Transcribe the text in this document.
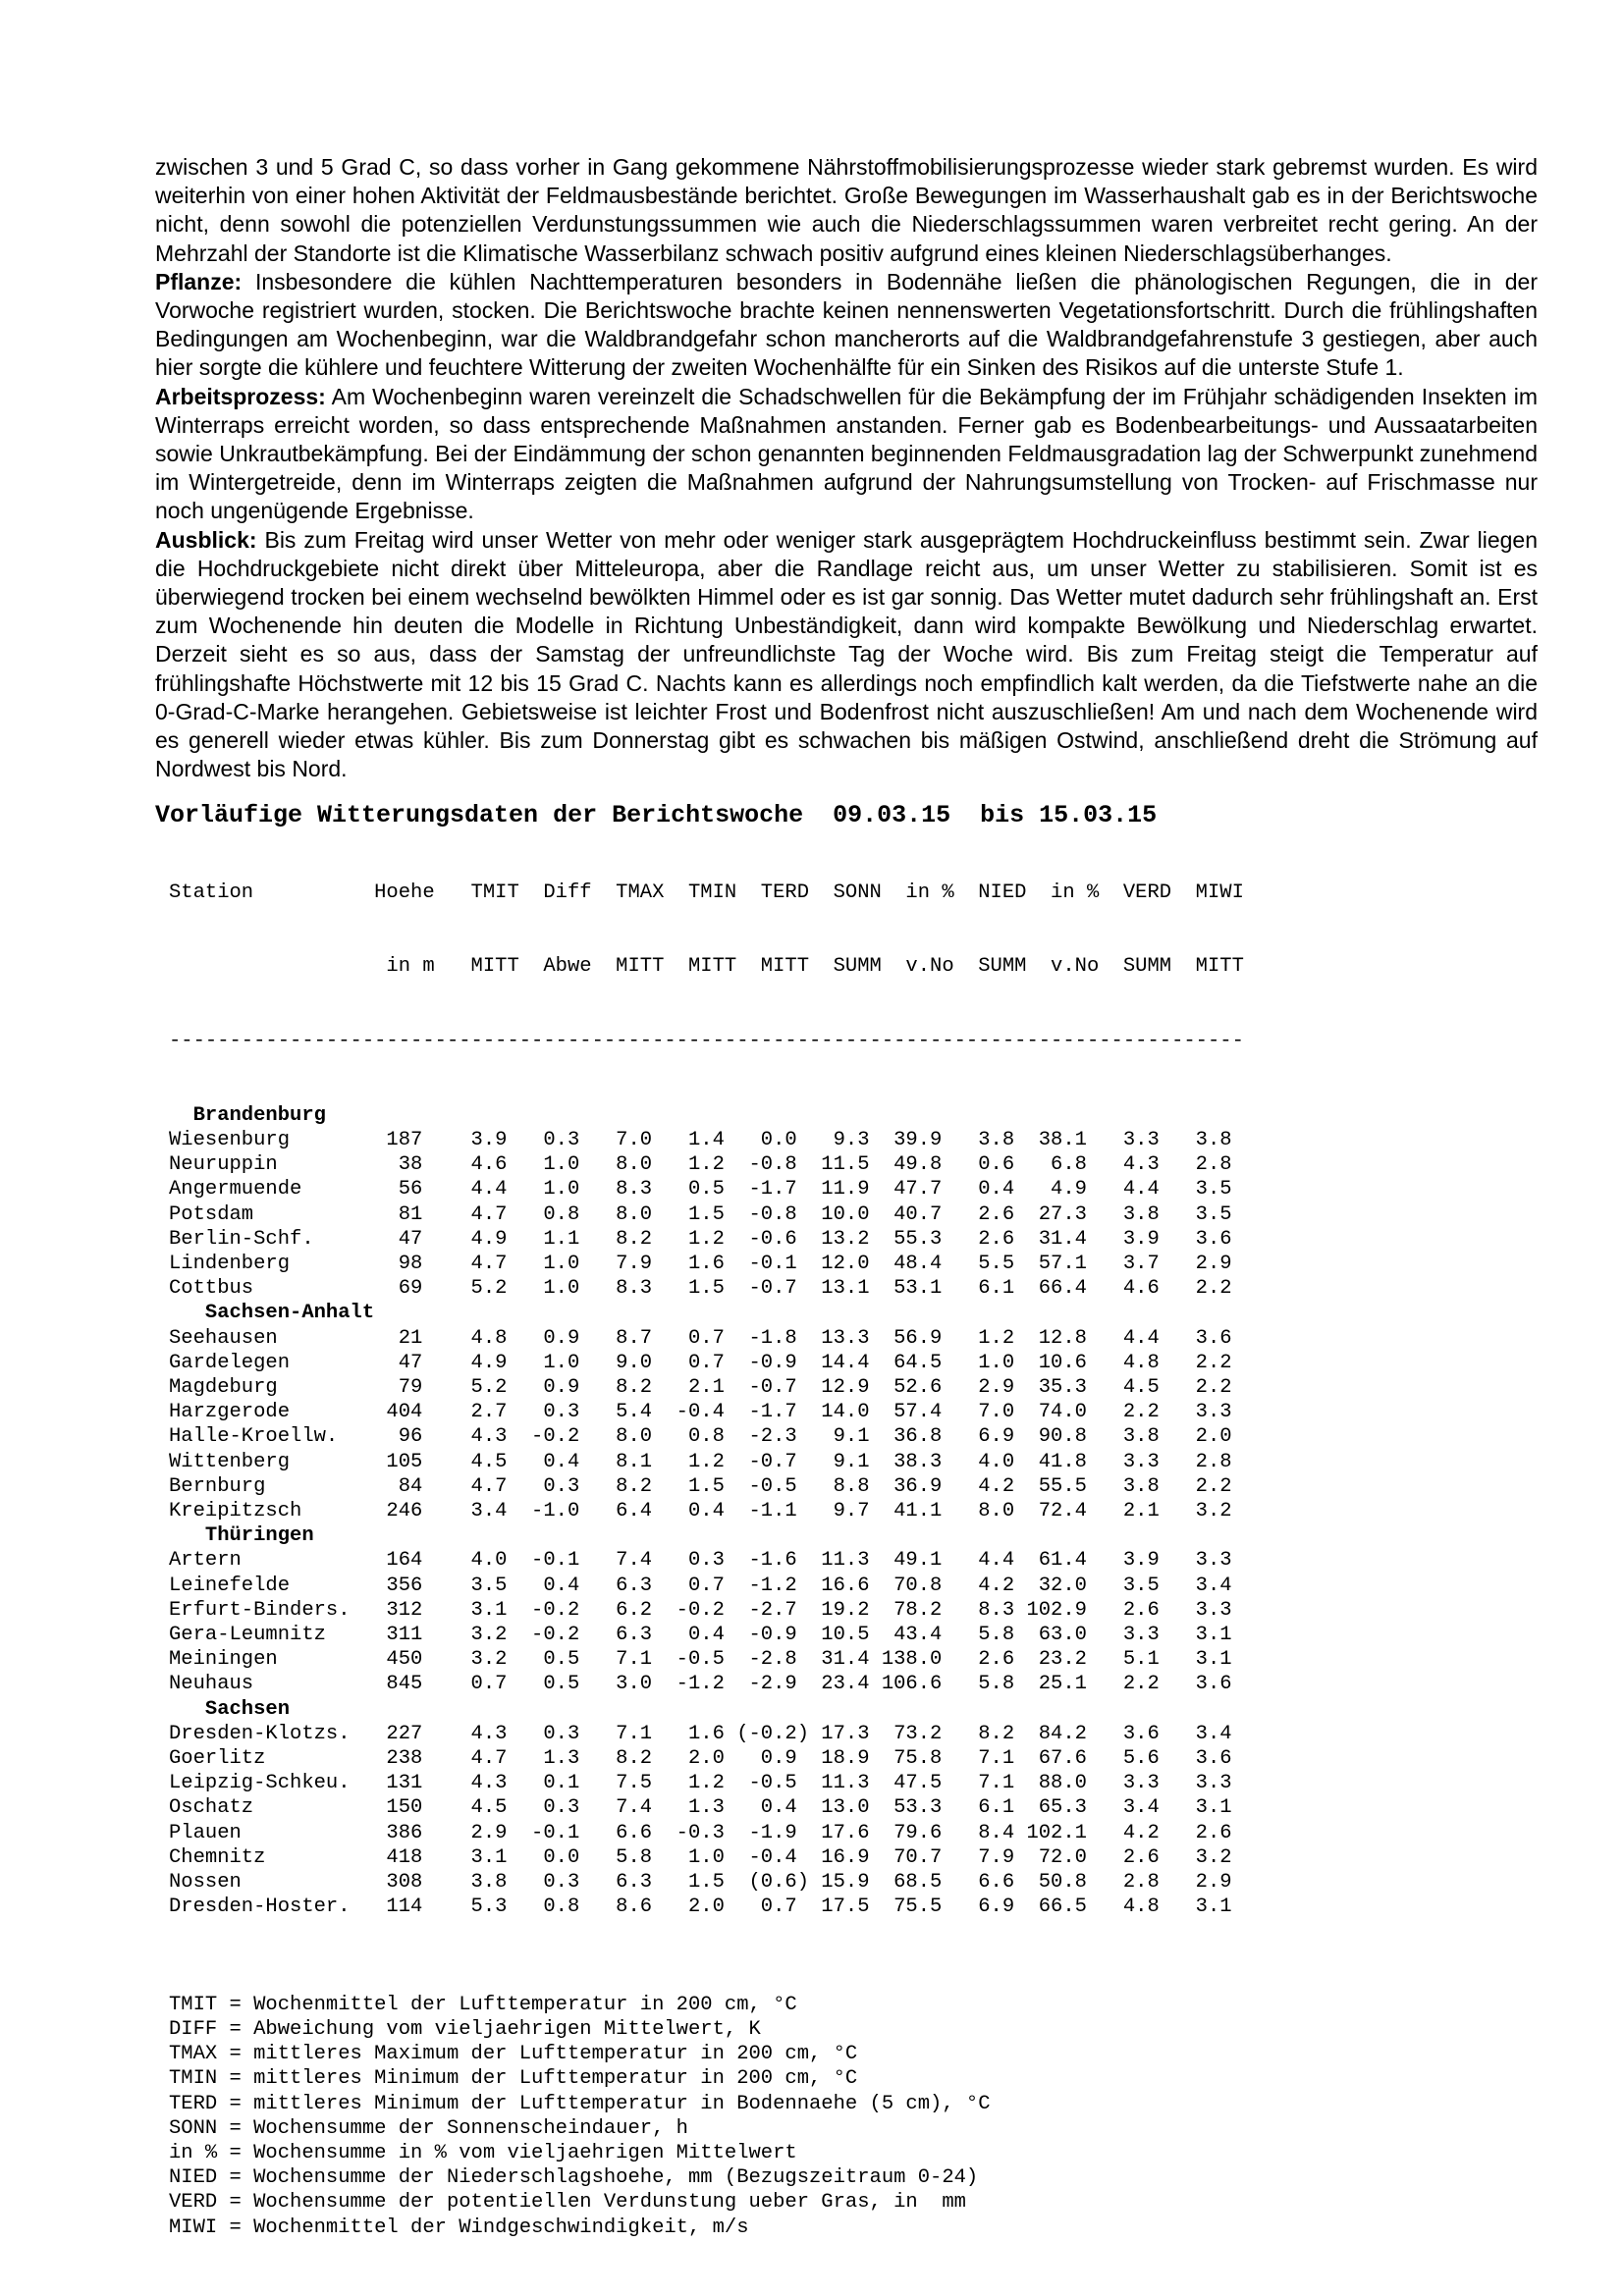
zwischen 3 und 5 Grad C, so dass vorher in Gang gekommene Nährstoffmobilisierungsprozesse wieder stark gebremst wurden. Es wird weiterhin von einer hohen Aktivität der Feldmausbestände berichtet. Große Bewegungen im Wasserhaushalt gab es in der Berichtswoche nicht, denn sowohl die potenziellen Verdunstungssummen wie auch die Niederschlagssummen waren verbreitet recht gering. An der Mehrzahl der Standorte ist die Klimatische Wasserbilanz schwach positiv aufgrund eines kleinen Niederschlagsüberhanges.

Pflanze: Insbesondere die kühlen Nachttemperaturen besonders in Bodennähe ließen die phänologischen Regungen, die in der Vorwoche registriert wurden, stocken. Die Berichtswoche brachte keinen nennenswerten Vegetationsfortschritt. Durch die frühlingshaften Bedingungen am Wochenbeginn, war die Waldbrandgefahr schon mancherorts auf die Waldbrandgefahrenstufe 3 gestiegen, aber auch hier sorgte die kühlere und feuchtere Witterung der zweiten Wochenhälfte für ein Sinken des Risikos auf die unterste Stufe 1.

Arbeitsprozess: Am Wochenbeginn waren vereinzelt die Schadschwellen für die Bekämpfung der im Frühjahr schädigenden Insekten im Winterraps erreicht worden, so dass entsprechende Maßnahmen anstanden. Ferner gab es Bodenbearbeitungs- und Aussaatarbeiten sowie Unkrautbekämpfung. Bei der Eindämmung der schon genannten beginnenden Feldmausgradation lag der Schwerpunkt zunehmend im Wintergetreide, denn im Winterraps zeigten die Maßnahmen aufgrund der Nahrungsumstellung von Trocken- auf Frischmasse nur noch ungenügende Ergebnisse.

Ausblick: Bis zum Freitag wird unser Wetter von mehr oder weniger stark ausgeprägtem Hochdruckeinfluss bestimmt sein. Zwar liegen die Hochdruckgebiete nicht direkt über Mitteleuropa, aber die Randlage reicht aus, um unser Wetter zu stabilisieren. Somit ist es überwiegend trocken bei einem wechselnd bewölkten Himmel oder es ist gar sonnig. Das Wetter mutet dadurch sehr frühlingshaft an. Erst zum Wochenende hin deuten die Modelle in Richtung Unbeständigkeit, dann wird kompakte Bewölkung und Niederschlag erwartet. Derzeit sieht es so aus, dass der Samstag der unfreundlichste Tag der Woche wird. Bis zum Freitag steigt die Temperatur auf frühlingshafte Höchstwerte mit 12 bis 15 Grad C. Nachts kann es allerdings noch empfindlich kalt werden, da die Tiefstwerte nahe an die 0-Grad-C-Marke herangehen. Gebietsweise ist leichter Frost und Bodenfrost nicht auszuschließen! Am und nach dem Wochenende wird es generell wieder etwas kühler. Bis zum Donnerstag gibt es schwachen bis mäßigen Ostwind, anschließend dreht die Strömung auf Nordwest bis Nord.

Vorläufige Witterungsdaten der Berichtswoche  09.03.15  bis 15.03.15

Station          Hoehe   TMIT  Diff  TMAX  TMIN  TERD  SONN  in %  NIED  in %  VERD  MIWI

in m   MITT  Abwe  MITT  MITT  MITT  SUMM  v.No  SUMM  v.No  SUMM  MITT

-----------------------------------------------------------------------------------------

Brandenburg
Wiesenburg        187    3.9   0.3   7.0   1.4   0.0   9.3  39.9   3.8  38.1   3.3   3.8
Neuruppin          38    4.6   1.0   8.0   1.2  -0.8  11.5  49.8   0.6   6.8   4.3   2.8
Angermuende        56    4.4   1.0   8.3   0.5  -1.7  11.9  47.7   0.4   4.9   4.4   3.5
Potsdam            81    4.7   0.8   8.0   1.5  -0.8  10.0  40.7   2.6  27.3   3.8   3.5
Berlin-Schf.       47    4.9   1.1   8.2   1.2  -0.6  13.2  55.3   2.6  31.4   3.9   3.6
Lindenberg         98    4.7   1.0   7.9   1.6  -0.1  12.0  48.4   5.5  57.1   3.7   2.9
Cottbus            69    5.2   1.0   8.3   1.5  -0.7  13.1  53.1   6.1  66.4   4.6   2.2
Sachsen-Anhalt
Seehausen          21    4.8   0.9   8.7   0.7  -1.8  13.3  56.9   1.2  12.8   4.4   3.6
Gardelegen         47    4.9   1.0   9.0   0.7  -0.9  14.4  64.5   1.0  10.6   4.8   2.2
Magdeburg          79    5.2   0.9   8.2   2.1  -0.7  12.9  52.6   2.9  35.3   4.5   2.2
Harzgerode        404    2.7   0.3   5.4  -0.4  -1.7  14.0  57.4   7.0  74.0   2.2   3.3
Halle-Kroellw.     96    4.3  -0.2   8.0   0.8  -2.3   9.1  36.8   6.9  90.8   3.8   2.0
Wittenberg        105    4.5   0.4   8.1   1.2  -0.7   9.1  38.3   4.0  41.8   3.3   2.8
Bernburg           84    4.7   0.3   8.2   1.5  -0.5   8.8  36.9   4.2  55.5   3.8   2.2
Kreipitzsch       246    3.4  -1.0   6.4   0.4  -1.1   9.7  41.1   8.0  72.4   2.1   3.2
Thüringen
Artern            164    4.0  -0.1   7.4   0.3  -1.6  11.3  49.1   4.4  61.4   3.9   3.3
Leinefelde        356    3.5   0.4   6.3   0.7  -1.2  16.6  70.8   4.2  32.0   3.5   3.4
Erfurt-Binders.   312    3.1  -0.2   6.2  -0.2  -2.7  19.2  78.2   8.3 102.9   2.6   3.3
Gera-Leumnitz     311    3.2  -0.2   6.3   0.4  -0.9  10.5  43.4   5.8  63.0   3.3   3.1
Meiningen         450    3.2   0.5   7.1  -0.5  -2.8  31.4 138.0   2.6  23.2   5.1   3.1
Neuhaus           845    0.7   0.5   3.0  -1.2  -2.9  23.4 106.6   5.8  25.1   2.2   3.6
Sachsen
Dresden-Klotzs.   227    4.3   0.3   7.1   1.6 (-0.2) 17.3  73.2   8.2  84.2   3.6   3.4
Goerlitz          238    4.7   1.3   8.2   2.0   0.9  18.9  75.8   7.1  67.6   5.6   3.6
Leipzig-Schkeu.   131    4.3   0.1   7.5   1.2  -0.5  11.3  47.5   7.1  88.0   3.3   3.3
Oschatz           150    4.5   0.3   7.4   1.3   0.4  13.0  53.3   6.1  65.3   3.4   3.1
Plauen            386    2.9  -0.1   6.6  -0.3  -1.9  17.6  79.6   8.4 102.1   4.2   2.6
Chemnitz          418    3.1   0.0   5.8   1.0  -0.4  16.9  70.7   7.9  72.0   2.6   3.2
Nossen            308    3.8   0.3   6.3   1.5  (0.6) 15.9  68.5   6.6  50.8   2.8   2.9
Dresden-Hoster.   114    5.3   0.8   8.6   2.0   0.7  17.5  75.5   6.9  66.5   4.8   3.1

TMIT = Wochenmittel der Lufttemperatur in 200 cm, °C
DIFF = Abweichung vom vieljaehrigen Mittelwert, K
TMAX = mittleres Maximum der Lufttemperatur in 200 cm, °C
TMIN = mittleres Minimum der Lufttemperatur in 200 cm, °C
TERD = mittleres Minimum der Lufttemperatur in Bodennaehe (5 cm), °C
SONN = Wochensumme der Sonnenscheindauer, h
in % = Wochensumme in % vom vieljaehrigen Mittelwert
NIED = Wochensumme der Niederschlagshoehe, mm (Bezugszeitraum 0-24)
VERD = Wochensumme der potentiellen Verdunstung ueber Gras, in  mm
MIWI = Wochenmittel der Windgeschwindigkeit, m/s
